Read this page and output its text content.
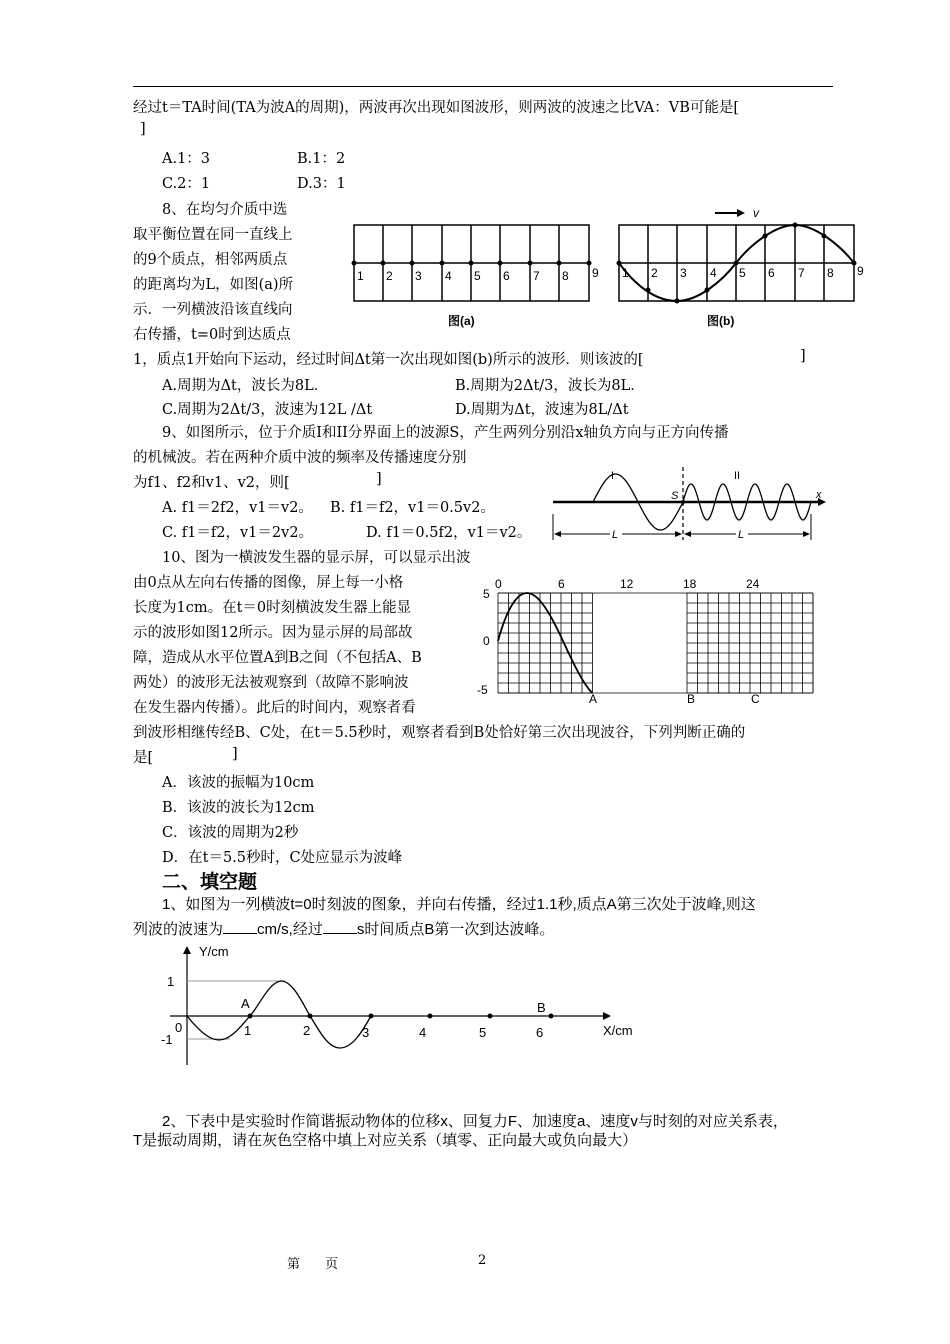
经过t＝TA时间(TA为波A的周期)，两波再次出现如图波形，则两波的波速之比VA：VB可能是[
]
A.1：3	B.1：2
C.2：1	D.3：1
8、在均匀介质中选
取平衡位置在同一直线上
的9个质点，相邻两质点
的距离均为L，如图(a)所
示．一列横波沿该直线向
右传播，t=0时到达质点
1，质点1开始向下运动，经过时间Δt第一次出现如图(b)所示的波形．则该波的[	]
A.周期为Δt，波长为8L．	B.周期为2Δt/3，波长为8L．
C.周期为2Δt/3，波速为12L /Δt	D.周期为Δt，波速为8L/Δt
1 2 3 4 5 6 7 8 9
图(a)
v
1 2 3 4 5 6 7 8 9
图(b)
9、如图所示，位于介质I和II分界面上的波源S，产生两列分别沿x轴负方向与正方向传播
的机械波。若在两种介质中波的频率及传播速度分别
为f1、f2和v1、v2，则[	]
A. f1＝2f2，v1＝v2。 B. f1＝f2，v1＝0.5v2。
C. f1＝f2，v1＝2v2。	D. f1＝0.5f2，v1＝v2。
I	II
S	x
L	L
10、图为一横波发生器的显示屏，可以显示出波
由0点从左向右传播的图像，屏上每一小格
长度为1cm。在t＝0时刻横波发生器上能显
示的波形如图12所示。因为显示屏的局部故
障，造成从水平位置A到B之间（不包括A、B
两处）的波形无法被观察到（故障不影响波
在发生器内传播）。此后的时间内，观察者看
到波形相继传经B、C处，在t＝5.5秒时，观察者看到B处恰好第三次出现波谷，下列判断正确的
是[	]
A．该波的振幅为10cm
B．该波的波长为12cm
C．该波的周期为2秒
D．在t＝5.5秒时，C处应显示为波峰
0	6	12	18	24
5
0
-5
A	B	C
二、填空题
1、如图为一列横波t=0时刻波的图象，并向右传播，经过1.1秒,质点A第三次处于波峰,则这
列波的波速为 cm/s,经过 s时间质点B第一次到达波峰。
Y/cm
X/cm
1
0
-1
1	2	3	4	5	6
A	B
2、下表中是实验时作简谐振动物体的位移x、回复力F、加速度a、速度v与时刻的对应关系表，
T是振动周期，请在灰色空格中填上对应关系（填零、正向最大或负向最大）
第 页	2
